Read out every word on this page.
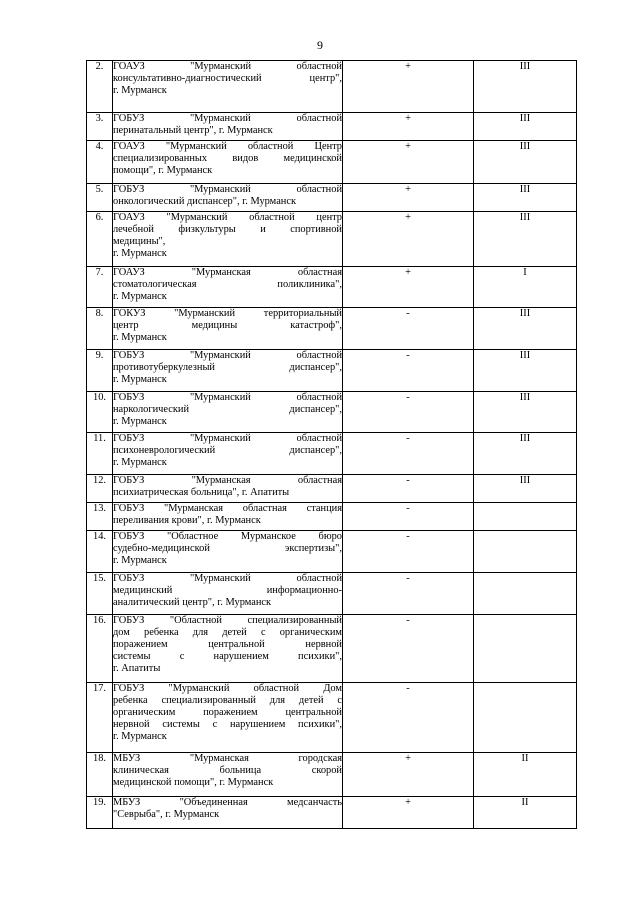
9
2.	ГОАУЗ "Мурманский областной
консультативно-диагностический центр",
г. Мурманск	+	III
3.	ГОБУЗ "Мурманский областной
перинатальный центр", г. Мурманск	+	III
4.	ГОАУЗ "Мурманский областной Центр
специализированных видов медицинской
помощи", г. Мурманск	+	III
5.	ГОБУЗ "Мурманский областной
онкологический диспансер", г. Мурманск	+	III
6.	ГОАУЗ "Мурманский областной центр
лечебной физкультуры и спортивной
медицины",
г. Мурманск	+	III
7.	ГОАУЗ "Мурманская областная
стоматологическая поликлиника",
г. Мурманск	+	I
8.	ГОКУЗ "Мурманский территориальный
центр медицины катастроф",
г. Мурманск	-	III
9.	ГОБУЗ "Мурманский областной
противотуберкулезный диспансер",
г. Мурманск	-	III
10.	ГОБУЗ "Мурманский областной
наркологический диспансер",
г. Мурманск	-	III
11.	ГОБУЗ "Мурманский областной
психоневрологический диспансер",
г. Мурманск	-	III
12.	ГОБУЗ "Мурманская областная
психиатрическая больница", г. Апатиты	-	III
13.	ГОБУЗ "Мурманская областная станция
переливания крови", г. Мурманск	-	
14.	ГОБУЗ "Областное Мурманское бюро
судебно-медицинской экспертизы",
г. Мурманск	-	
15.	ГОБУЗ "Мурманский областной
медицинский информационно-
аналитический центр", г. Мурманск	-	
16.	ГОБУЗ "Областной специализированный
дом ребенка для детей с органическим
поражением центральной нервной
системы с нарушением психики",
г. Апатиты	-	
17.	ГОБУЗ "Мурманский областной Дом
ребенка специализированный для детей с
органическим поражением центральной
нервной системы с нарушением психики",
г. Мурманск	-	
18.	МБУЗ "Мурманская городская
клиническая больница скорой
медицинской помощи", г. Мурманск	+	II
19.	МБУЗ "Объединенная медсанчасть
"Севрыба", г. Мурманск	+	II
